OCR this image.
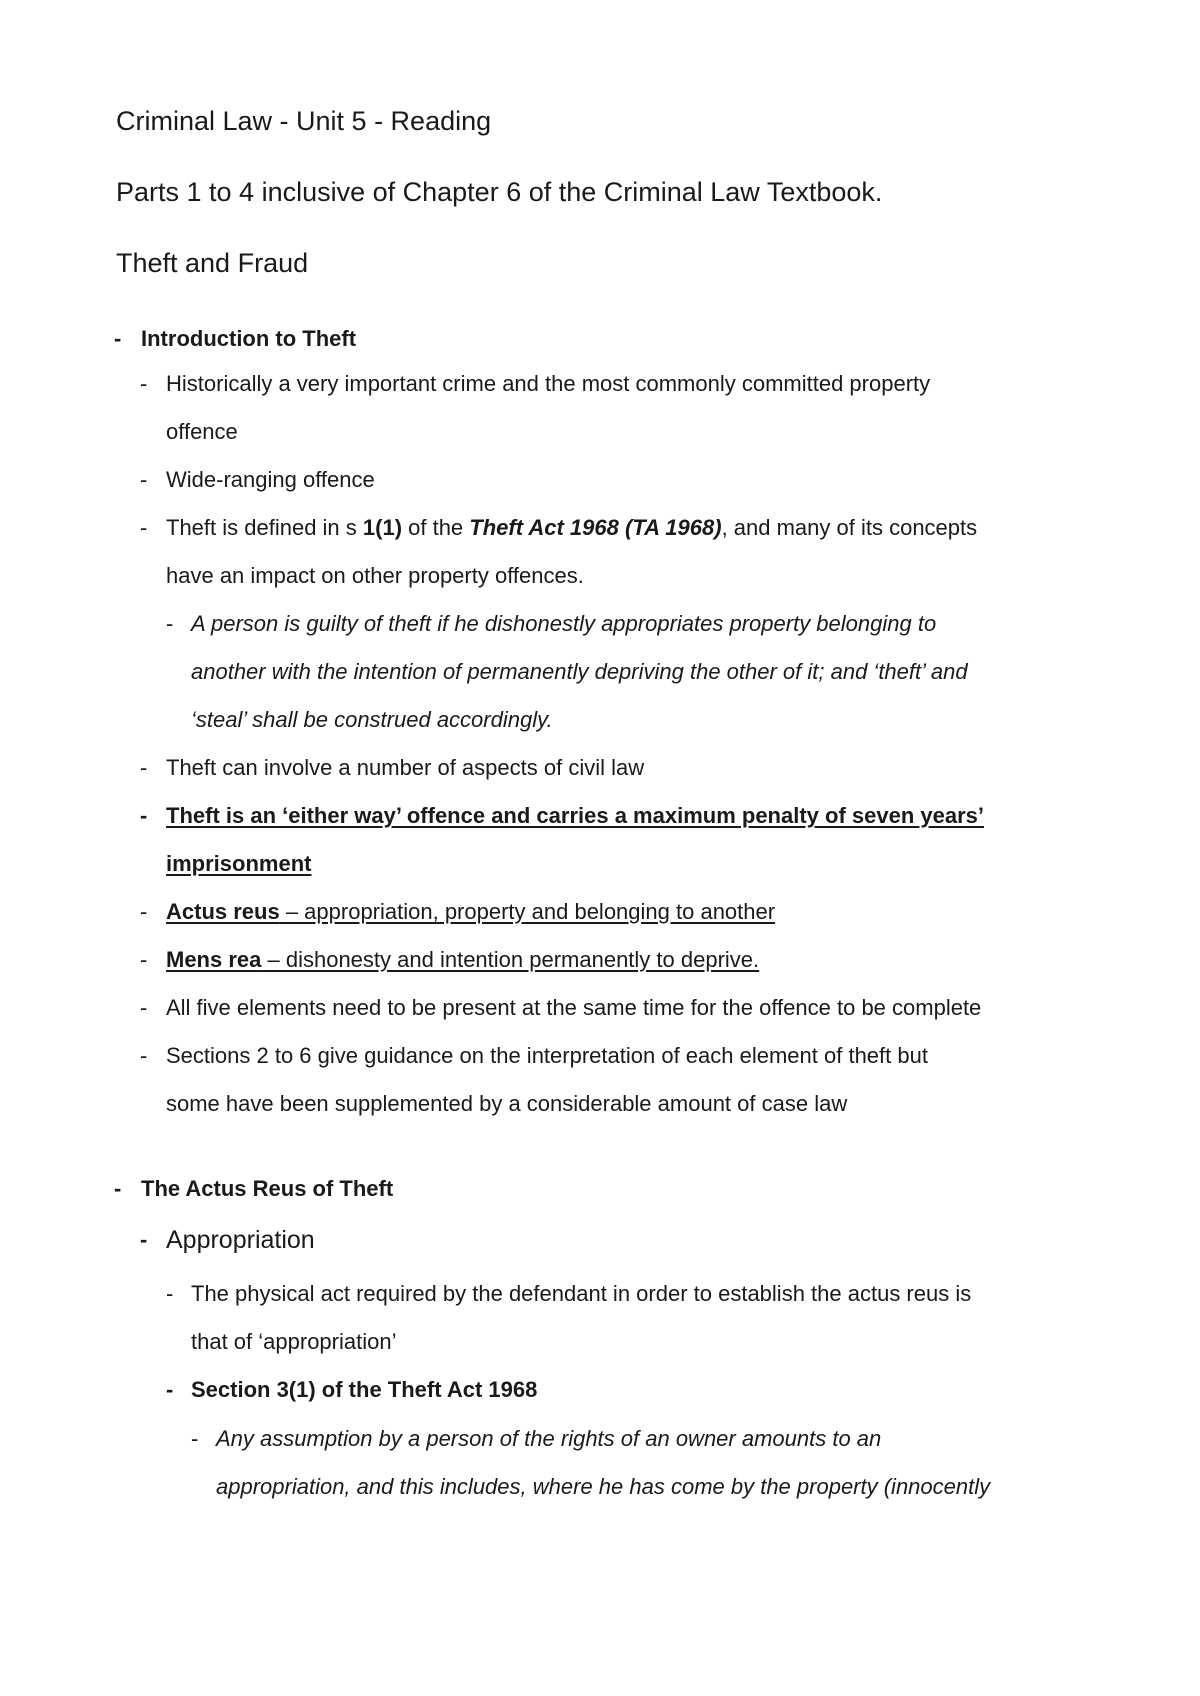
Criminal Law - Unit 5 - Reading
Parts 1 to 4 inclusive of Chapter 6 of the Criminal Law Textbook.
Theft and Fraud
- Introduction to Theft
- Historically a very important crime and the most commonly committed property
offence
- Wide-ranging offence
- Theft is defined in s 1(1) of the Theft Act 1968 (TA 1968), and many of its concepts
have an impact on other property offences.
- A person is guilty of theft if he dishonestly appropriates property belonging to
another with the intention of permanently depriving the other of it; and ‘theft’ and
‘steal’ shall be construed accordingly.
- Theft can involve a number of aspects of civil law
- Theft is an ‘either way’ offence and carries a maximum penalty of seven years’
imprisonment
- Actus reus – appropriation, property and belonging to another
- Mens rea – dishonesty and intention permanently to deprive.
- All five elements need to be present at the same time for the offence to be complete
- Sections 2 to 6 give guidance on the interpretation of each element of theft but
some have been supplemented by a considerable amount of case law
- The Actus Reus of Theft
- Appropriation
- The physical act required by the defendant in order to establish the actus reus is
that of ‘appropriation’
- Section 3(1) of the Theft Act 1968
- Any assumption by a person of the rights of an owner amounts to an
appropriation, and this includes, where he has come by the property (innocently
